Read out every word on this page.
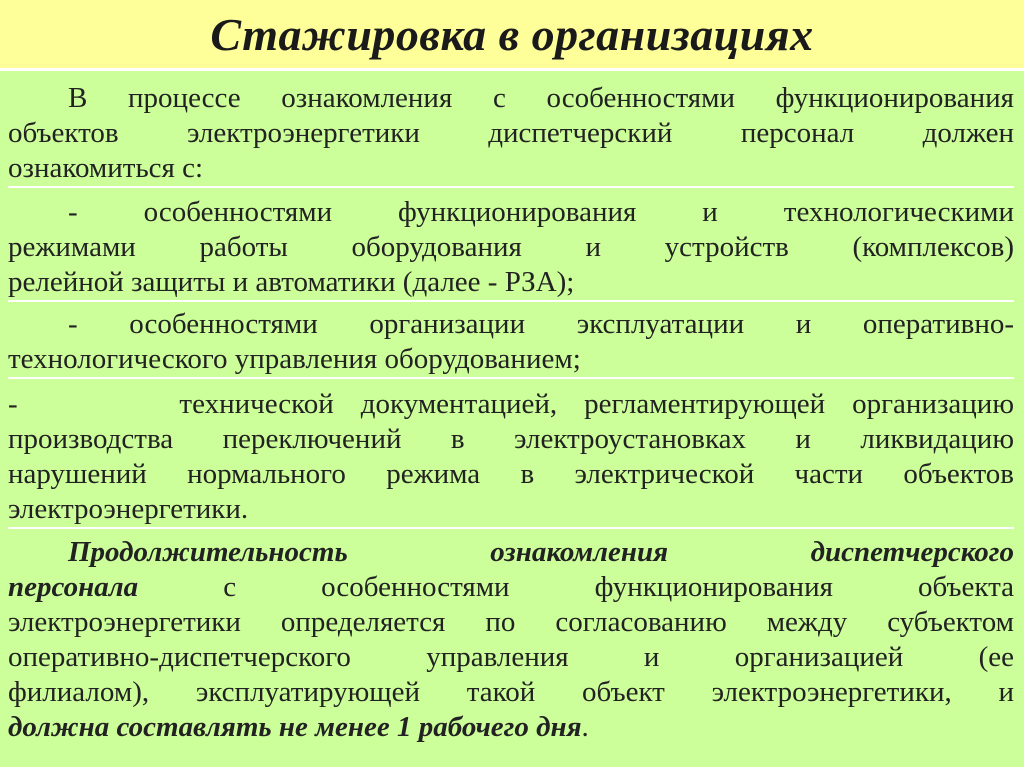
Стажировка в организациях
В процессе ознакомления с особенностями функционирования
объектов электроэнергетики диспетчерский персонал должен
ознакомиться с:
- особенностями функционирования и технологическими
режимами работы оборудования и устройств (комплексов)
релейной защиты и автоматики (далее - РЗА);
- особенностями организации эксплуатации и оперативно-
технологического управления оборудованием;
-      технической документацией, регламентирующей организацию
производства переключений в электроустановках и ликвидацию
нарушений нормального режима в электрической части объектов
электроэнергетики.
Продолжительность ознакомления диспетчерского
персонала с особенностями функционирования объекта
электроэнергетики определяется по согласованию между субъектом
оперативно-диспетчерского управления и организацией (ее
филиалом), эксплуатирующей такой объект электроэнергетики, и
должна составлять не менее 1 рабочего дня.
